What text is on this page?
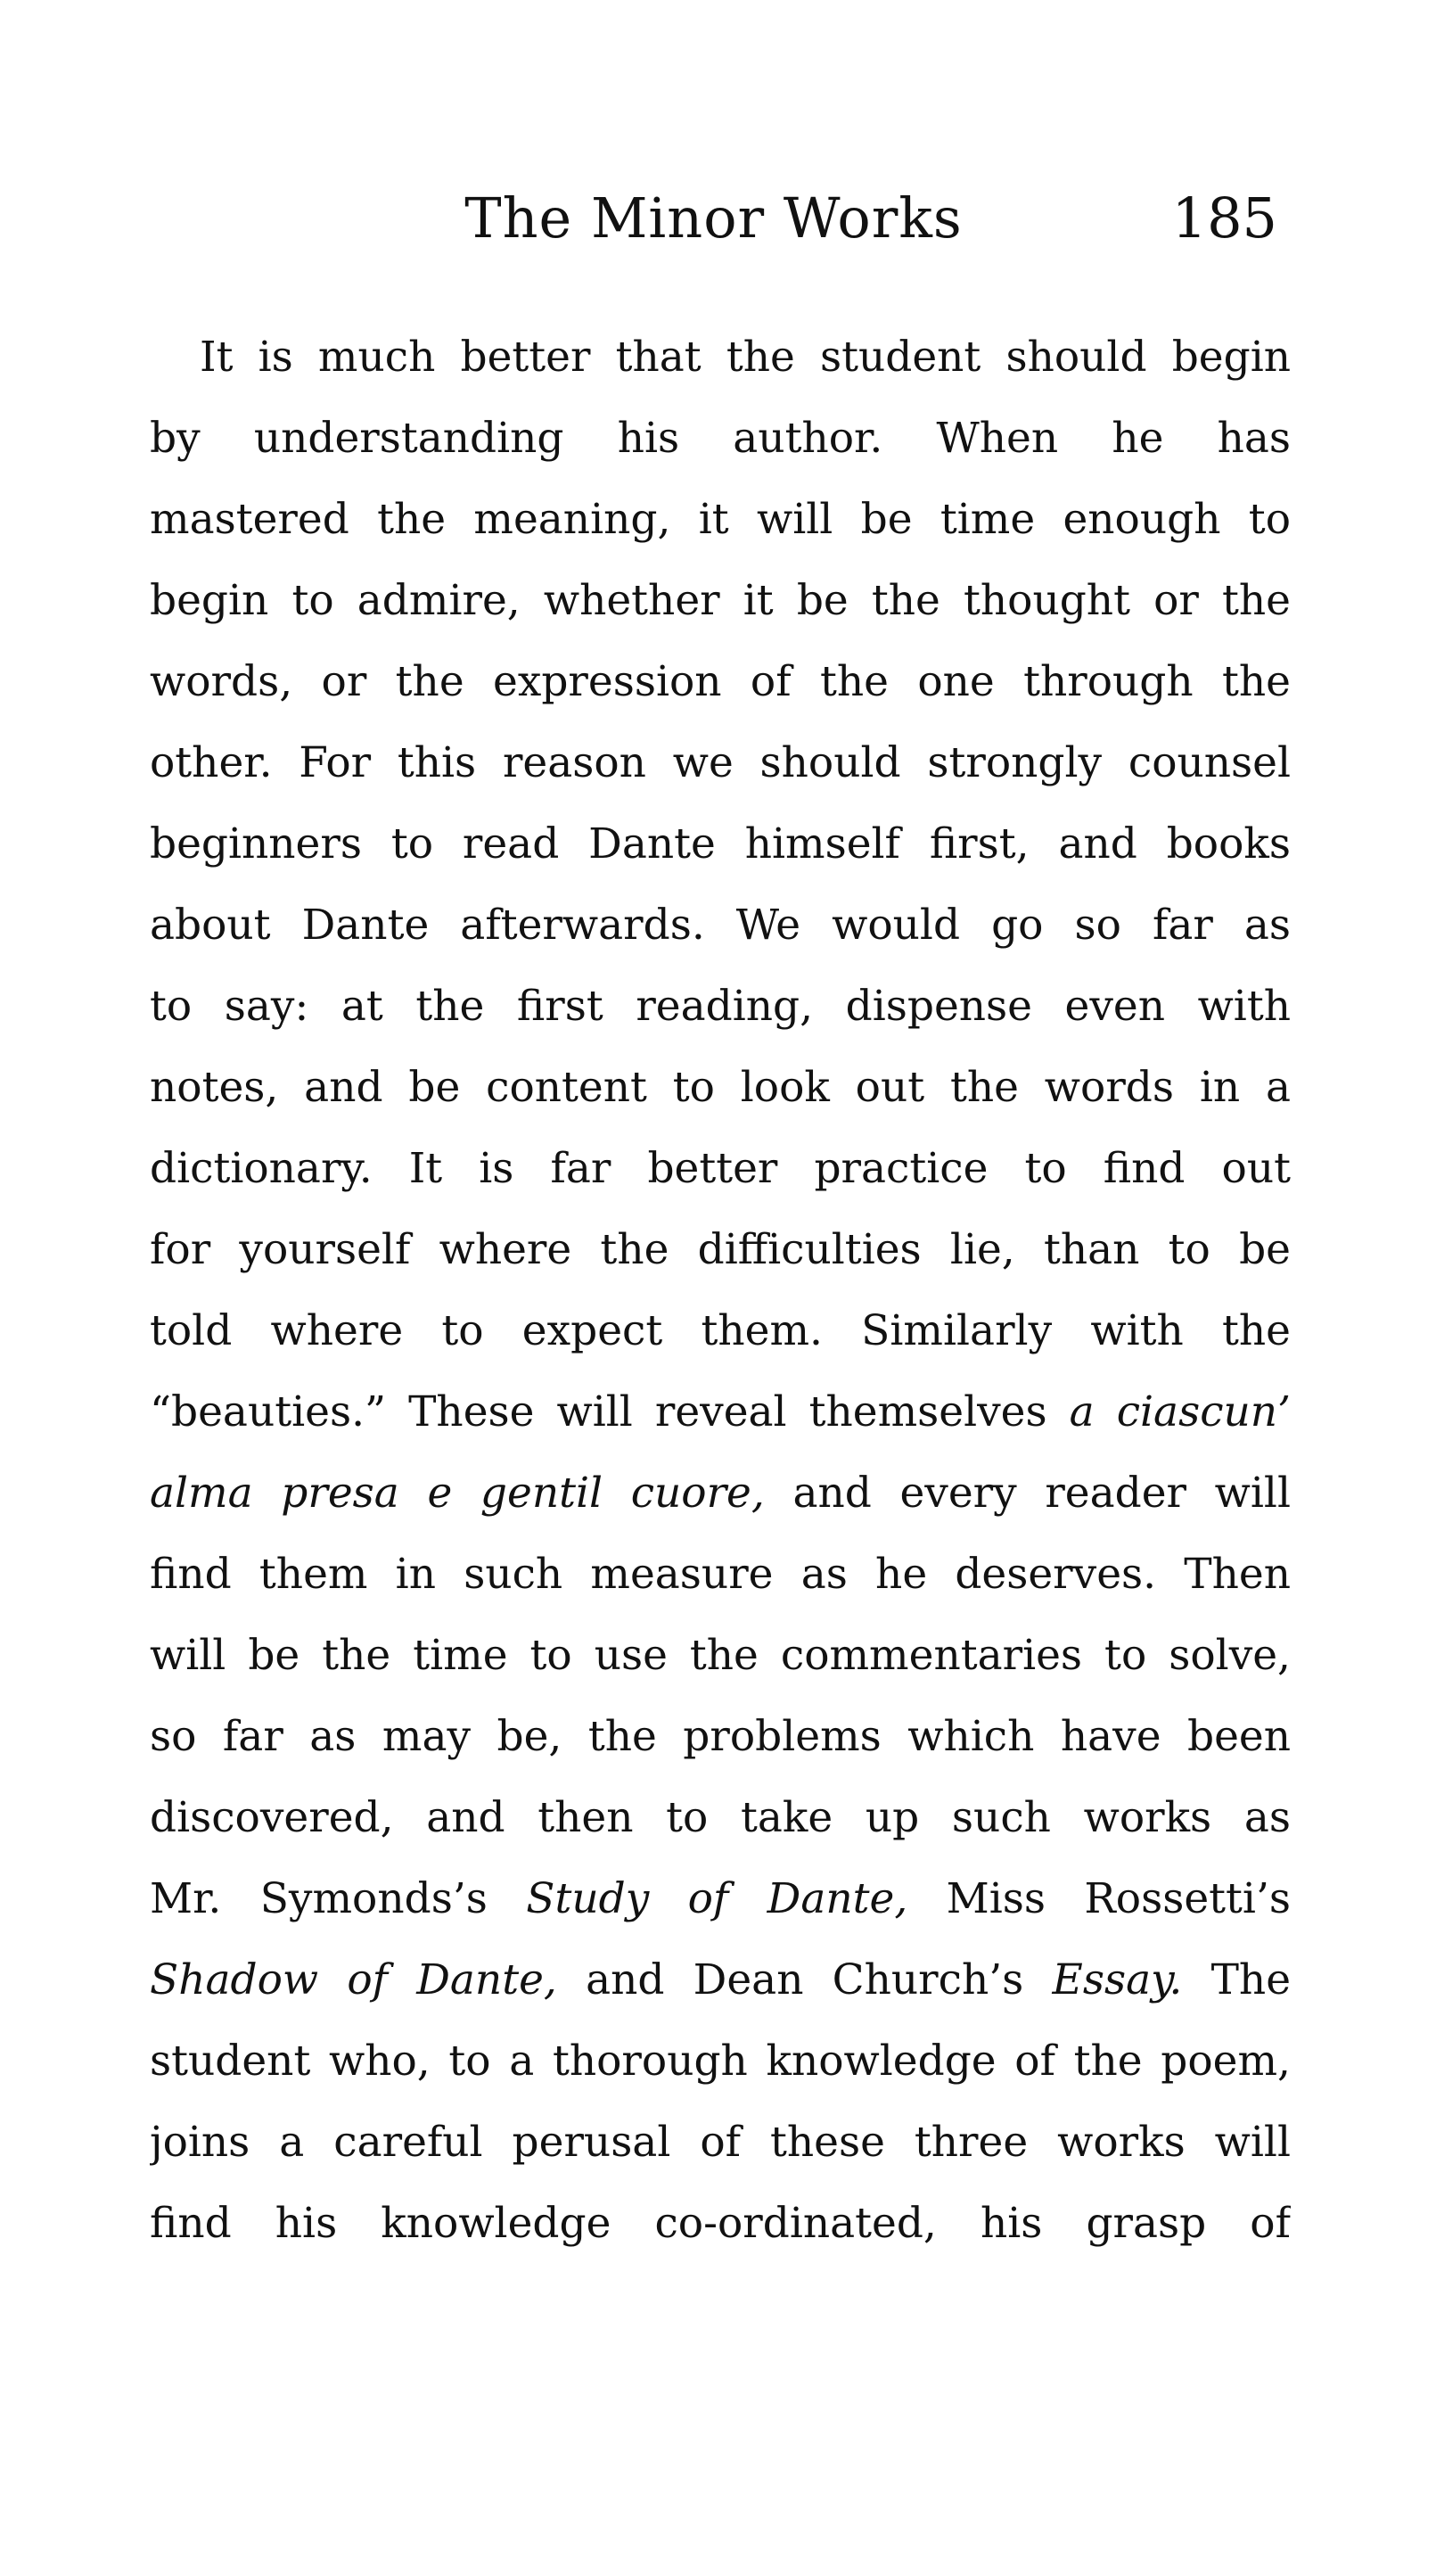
The Minor Works	185
It is much better that the student should begin
by understanding his author. When he has
mastered the meaning, it will be time enough to
begin to admire, whether it be the thought or the
words, or the expression of the one through the
other. For this reason we should strongly counsel
beginners to read Dante himself first, and books
about Dante afterwards. We would go so far as
to say: at the first reading, dispense even with
notes, and be content to look out the words in a
dictionary. It is far better practice to find out
for yourself where the difficulties lie, than to be
told where to expect them. Similarly with the
“beauties.” These will reveal themselves a ciascun’
alma presa e gentil cuore, and every reader will
find them in such measure as he deserves. Then
will be the time to use the commentaries to solve,
so far as may be, the problems which have been
discovered, and then to take up such works as
Mr. Symonds’s Study of Dante, Miss Rossetti’s
Shadow of Dante, and Dean Church’s Essay. The
student who, to a thorough knowledge of the poem,
joins a careful perusal of these three works will
find his knowledge co-ordinated, his grasp of
